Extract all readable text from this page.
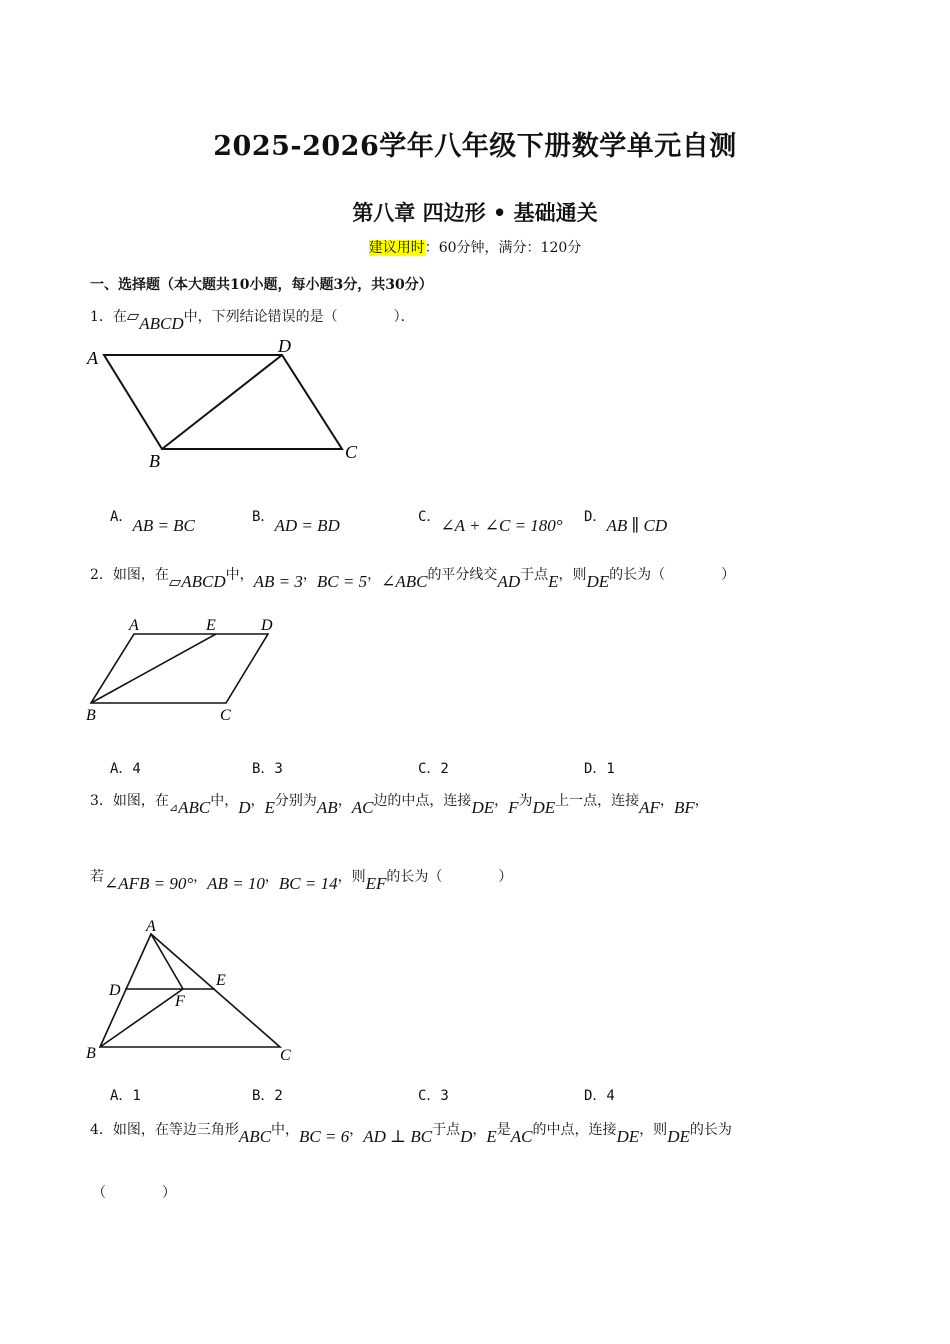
2025-2026学年八年级下册数学单元自测
第八章 四边形 • 基础通关
建议用时：60分钟，满分：120分
一、选择题（本大题共10小题，每小题3分，共30分）
1．在▱ABCD中，下列结论错误的是（　　　　）．
A
D
B	C
A．AB = BC	B．AD = BD	C．∠A + ∠C = 180° D．AB ∥ CD
2．如图，在▱ABCD中，AB = 3，BC = 5，∠ABC的平分线交AD于点E，则DE的长为（　　　　）
A	E	D
B	C
A．4	B．3	C．2	D．1
3．如图，在$_⊿$ABC中，D，E分别为AB，AC边的中点，连接DE，F为DE上一点，连接AF，BF，
若∠AFB = 90°，AB = 10，BC = 14，则EF的长为（　　　　）
A
D
E
F
B	C
A．1	B．2	C．3	D．4
4．如图，在等边三角形ABC中，BC = 6，AD ⊥ BC于点D，E是AC的中点，连接DE，则DE的长为
（　　　　）
